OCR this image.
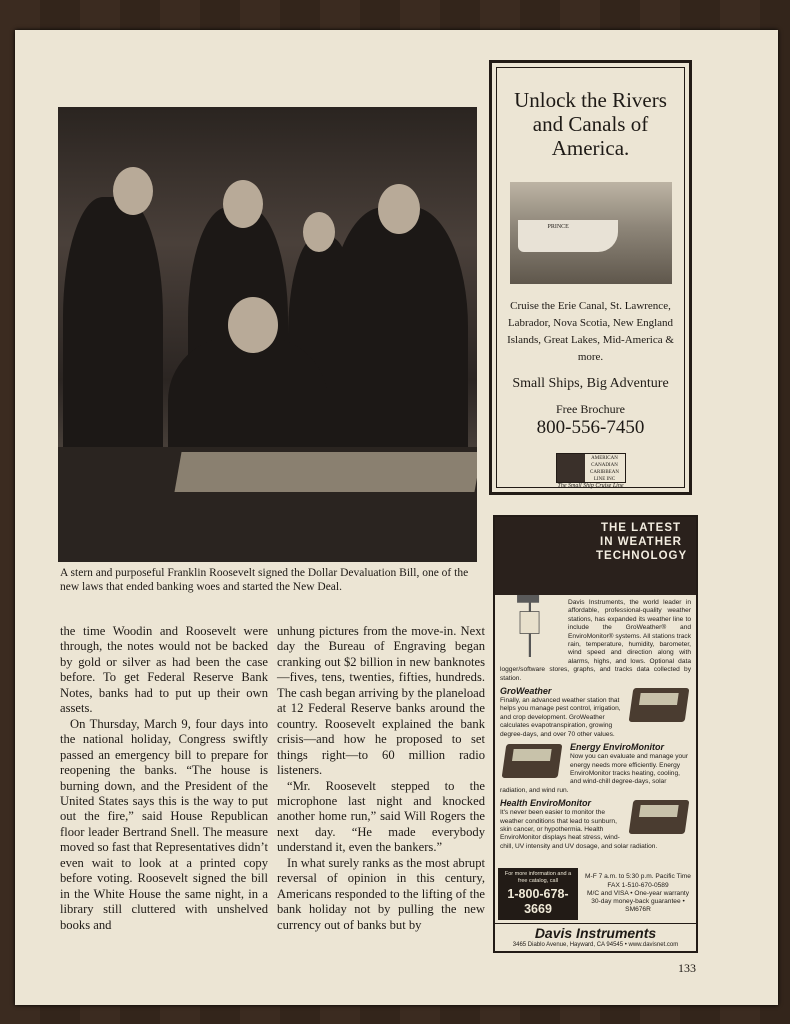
A stern and purposeful Franklin Roosevelt signed the Dollar Devaluation Bill, one of the new laws that ended banking woes and started the New Deal.

the time Woodin and Roosevelt were through, the notes would not be backed by gold or silver as had been the case before. To get Federal Reserve Bank Notes, banks had to put up their own assets.

On Thursday, March 9, four days into the national holiday, Congress swiftly passed an emergency bill to prepare for reopening the banks. “The house is burning down, and the President of the United States says this is the way to put out the fire,” said House Republican floor leader Bertrand Snell. The measure moved so fast that Representatives didn’t even wait to look at a printed copy before voting. Roosevelt signed the bill in the White House the same night, in a library still cluttered with unshelved books and

unhung pictures from the move-in. Next day the Bureau of Engraving began cranking out $2 billion in new banknotes—fives, tens, twenties, fifties, hundreds. The cash began arriving by the planeload at 12 Federal Reserve banks around the country. Roosevelt explained the bank crisis—and how he proposed to set things right—to 60 million radio listeners.

“Mr. Roosevelt stepped to the microphone last night and knocked another home run,” said Will Rogers the next day. “He made everybody understand it, even the bankers.”

In what surely ranks as the most abrupt reversal of opinion in this century, Americans responded to the lifting of the bank holiday not by pulling the new currency out of banks but by

Unlock the Rivers and Canals of America.
PRINCE
Cruise the Erie Canal, St. Lawrence, Labrador, Nova Scotia, New England Islands, Great Lakes, Mid-America & more.
Small Ships, Big Adventure
Free Brochure
800-556-7450
AMERICAN CANADIAN CARIBBEAN LINE INC
The Small Ship Cruise Line
THE LATEST IN WEATHER TECHNOLOGY
Davis Instruments, the world leader in affordable, professional-quality weather stations, has expanded its weather line to include the GroWeather® and EnviroMonitor® systems. All stations track rain, temperature, humidity, barometer, wind speed and direction along with alarms, highs, and lows. Optional data logger/software stores, graphs, and tracks data collected by station.
GroWeather
Finally, an advanced weather station that helps you manage pest control, irrigation, and crop development. GroWeather calculates evapotranspiration, growing degree-days, and over 70 other values.
Energy EnviroMonitor
Now you can evaluate and manage your energy needs more efficiently. Energy EnviroMonitor tracks heating, cooling, and wind-chill degree-days, solar radiation, and wind run.
Health EnviroMonitor
It's never been easier to monitor the weather conditions that lead to sunburn, skin cancer, or hypothermia. Health EnviroMonitor displays heat stress, wind-chill, UV intensity and UV dosage, and solar radiation.
For more information and a free catalog, call
1-800-678-3669
M-F 7 a.m. to 5:30 p.m. Pacific Time
FAX 1-510-670-0589
M/C and VISA • One-year warranty
30-day money-back guarantee • SM676R
Davis Instruments
3465 Diablo Avenue, Hayward, CA 94545 • www.davisnet.com
133
